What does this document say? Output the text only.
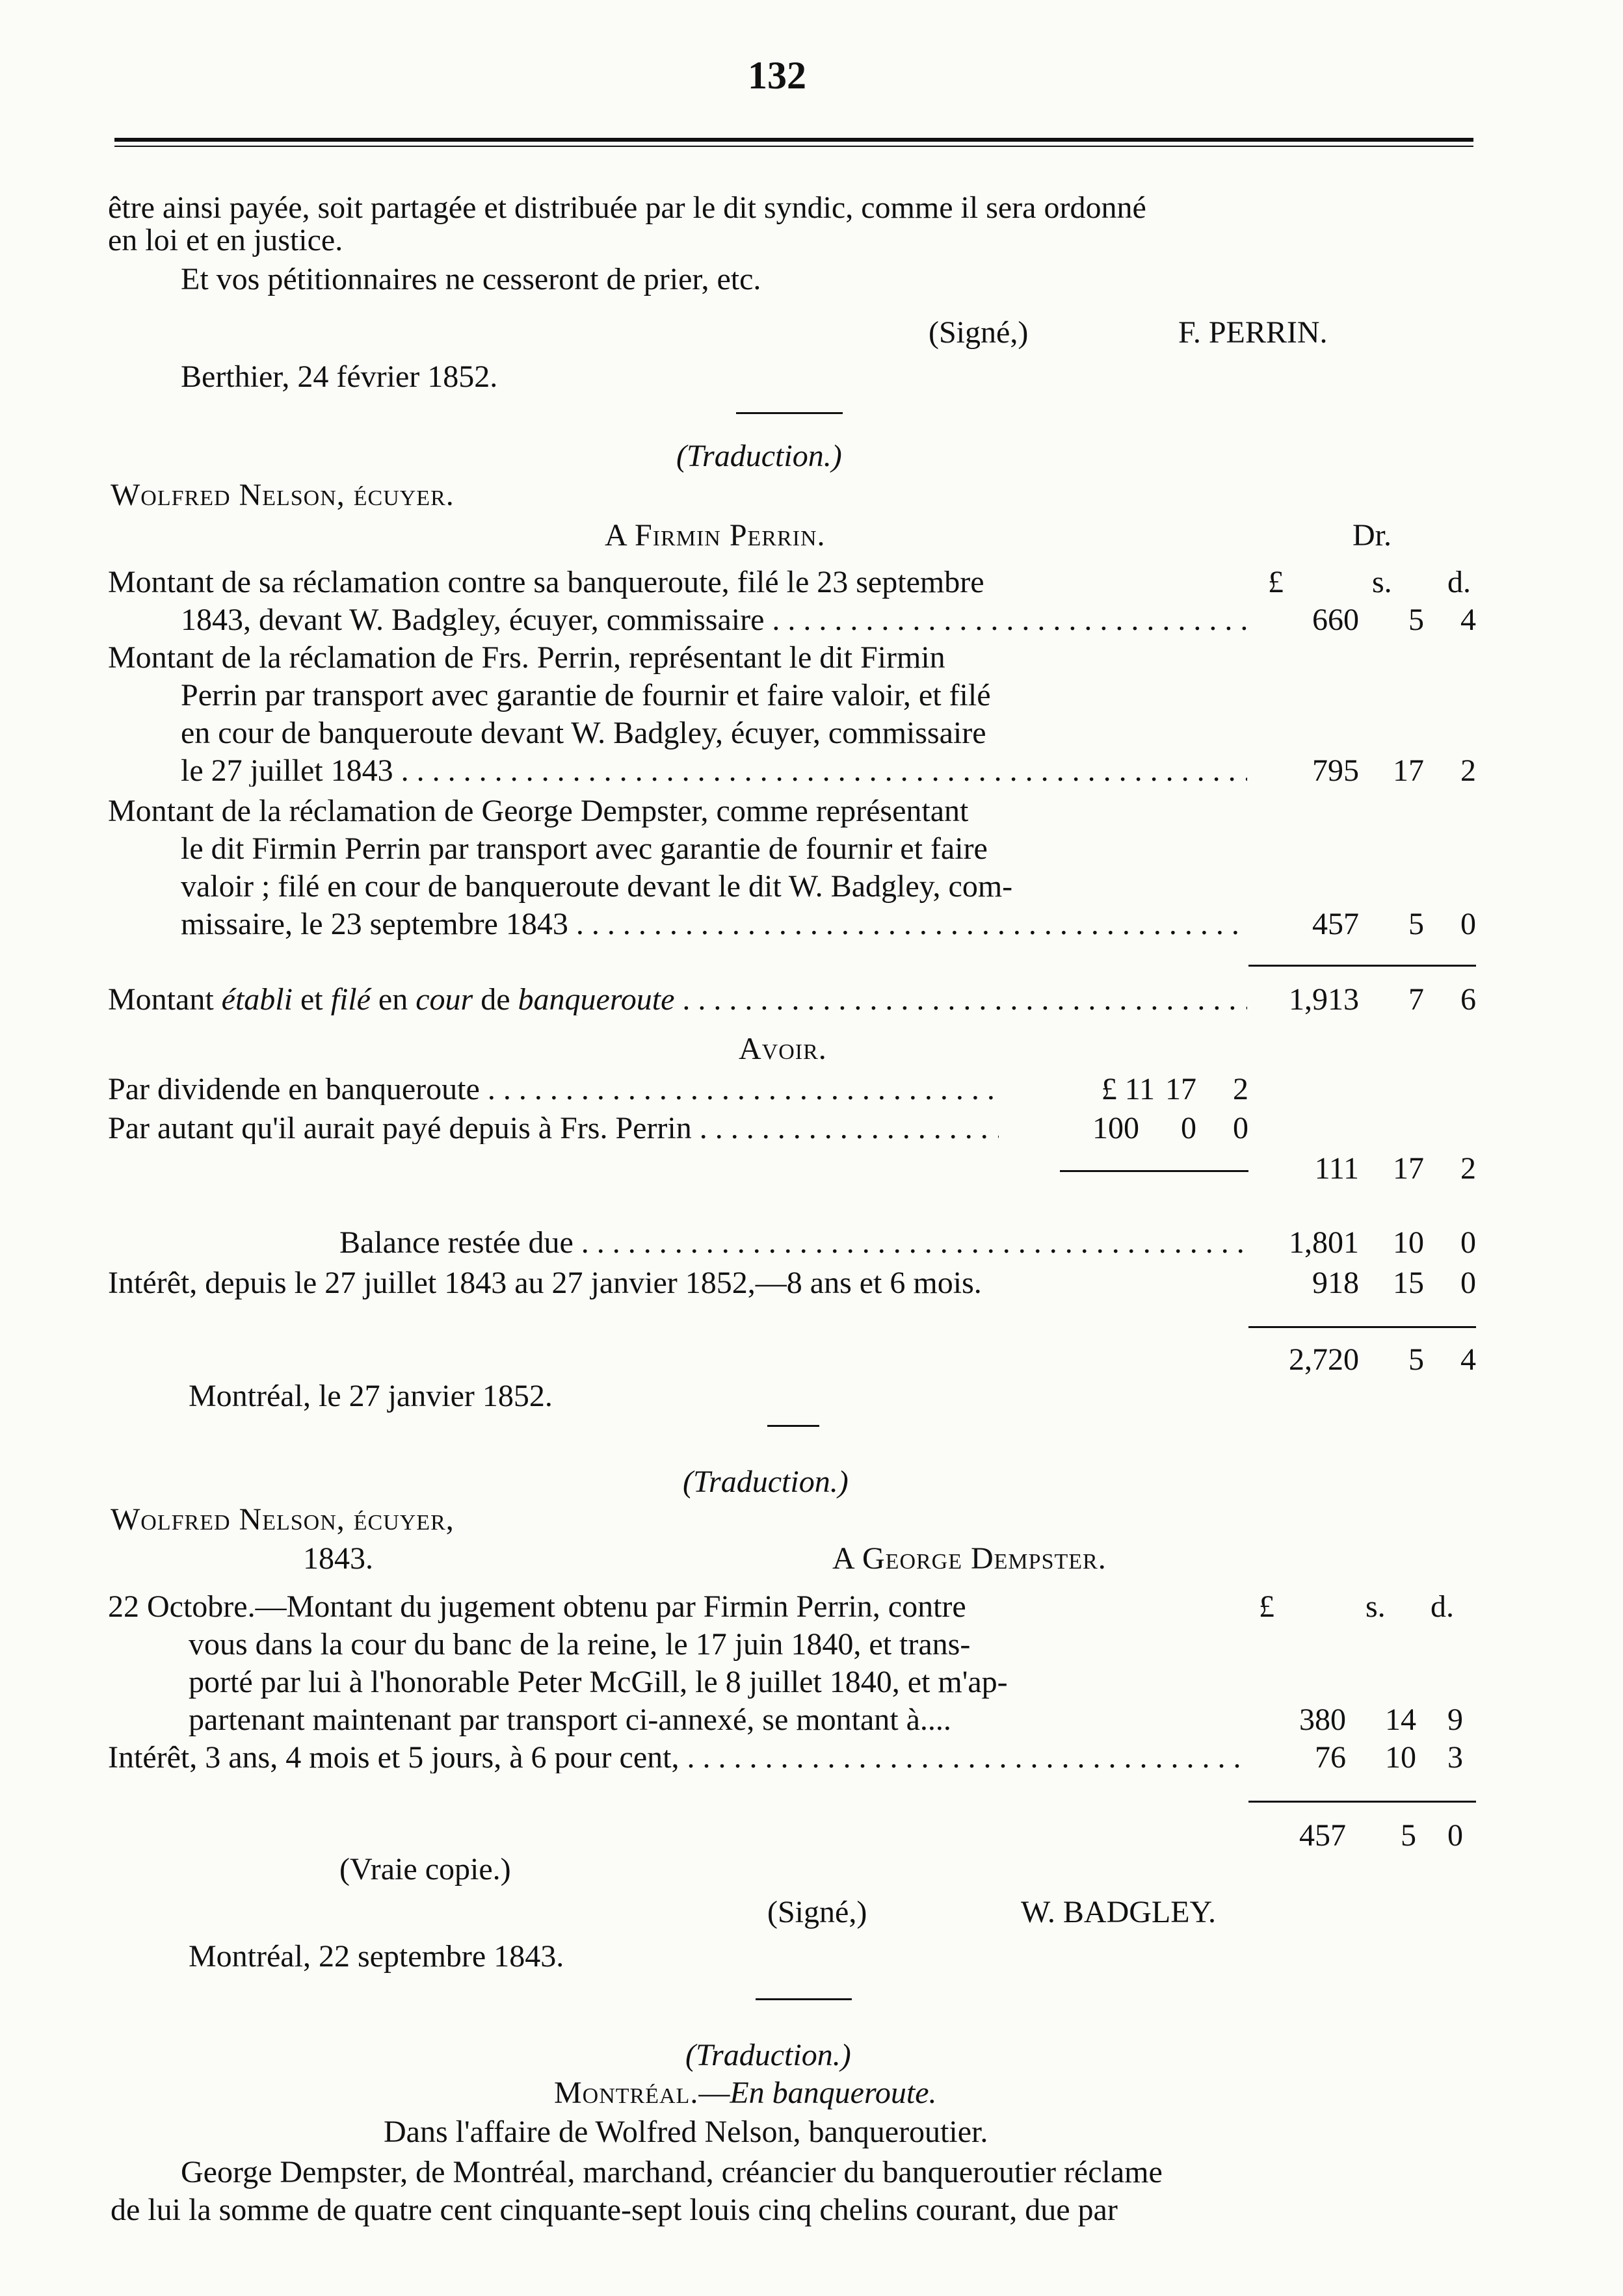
132
être ainsi payée, soit partagée et distribuée par le dit syndic, comme il sera ordonné
en loi et en justice.
Et vos pétitionnaires ne cesseront de prier, etc.
(Signé,)	F. PERRIN.
Berthier, 24 février 1852.
(Traduction.)
Wolfred Nelson, écuyer.
A Firmin Perrin.	Dr.
£	s. d.
Montant de sa réclamation contre sa banqueroute, filé le 23 septembre
1843, devant W. Badgley, écuyer, commissaire . . .	660 5 4
Montant de la réclamation de Frs. Perrin, représentant le dit Firmin
Perrin par transport avec garantie de fournir et faire valoir, et filé
en cour de banqueroute devant W. Badgley, écuyer, commissaire
le 27 juillet 1843 . . .	795 17 2
Montant de la réclamation de George Dempster, comme représentant
le dit Firmin Perrin par transport avec garantie de fournir et faire
valoir ; filé en cour de banqueroute devant le dit W. Badgley, com-
missaire, le 23 septembre 1843 . . .	457 5 0
Montant établi et filé en cour de banqueroute . . .	1,913 7 6
Avoir.
Par dividende en banqueroute . . .	£ 11 17 2
Par autant qu'il aurait payé depuis à Frs. Perrin . . .	100 0 0
111 17 2
Balance restée due . . .	1,801 10 0
Intérêt, depuis le 27 juillet 1843 au 27 janvier 1852,—8 ans et 6 mois.	918 15 0
2,720 5 4
Montréal, le 27 janvier 1852.
(Traduction.)
Wolfred Nelson, écuyer,
1843.	A George Dempster.
£	s. d.
22 Octobre.—Montant du jugement obtenu par Firmin Perrin, contre
vous dans la cour du banc de la reine, le 17 juin 1840, et trans-
porté par lui à l'honorable Peter McGill, le 8 juillet 1840, et m'ap-
partenant maintenant par transport ci-annexé, se montant à....	380 14 9
Intérêt, 3 ans, 4 mois et 5 jours, à 6 pour cent, . . .	76 10 3
457 5 0
(Vraie copie.)
(Signé,)	W. BADGLEY.
Montréal, 22 septembre 1843.
(Traduction.)
Montréal.—En banqueroute.
Dans l'affaire de Wolfred Nelson, banqueroutier.
George Dempster, de Montréal, marchand, créancier du banqueroutier réclame
de lui la somme de quatre cent cinquante-sept louis cinq chelins courant, due par
